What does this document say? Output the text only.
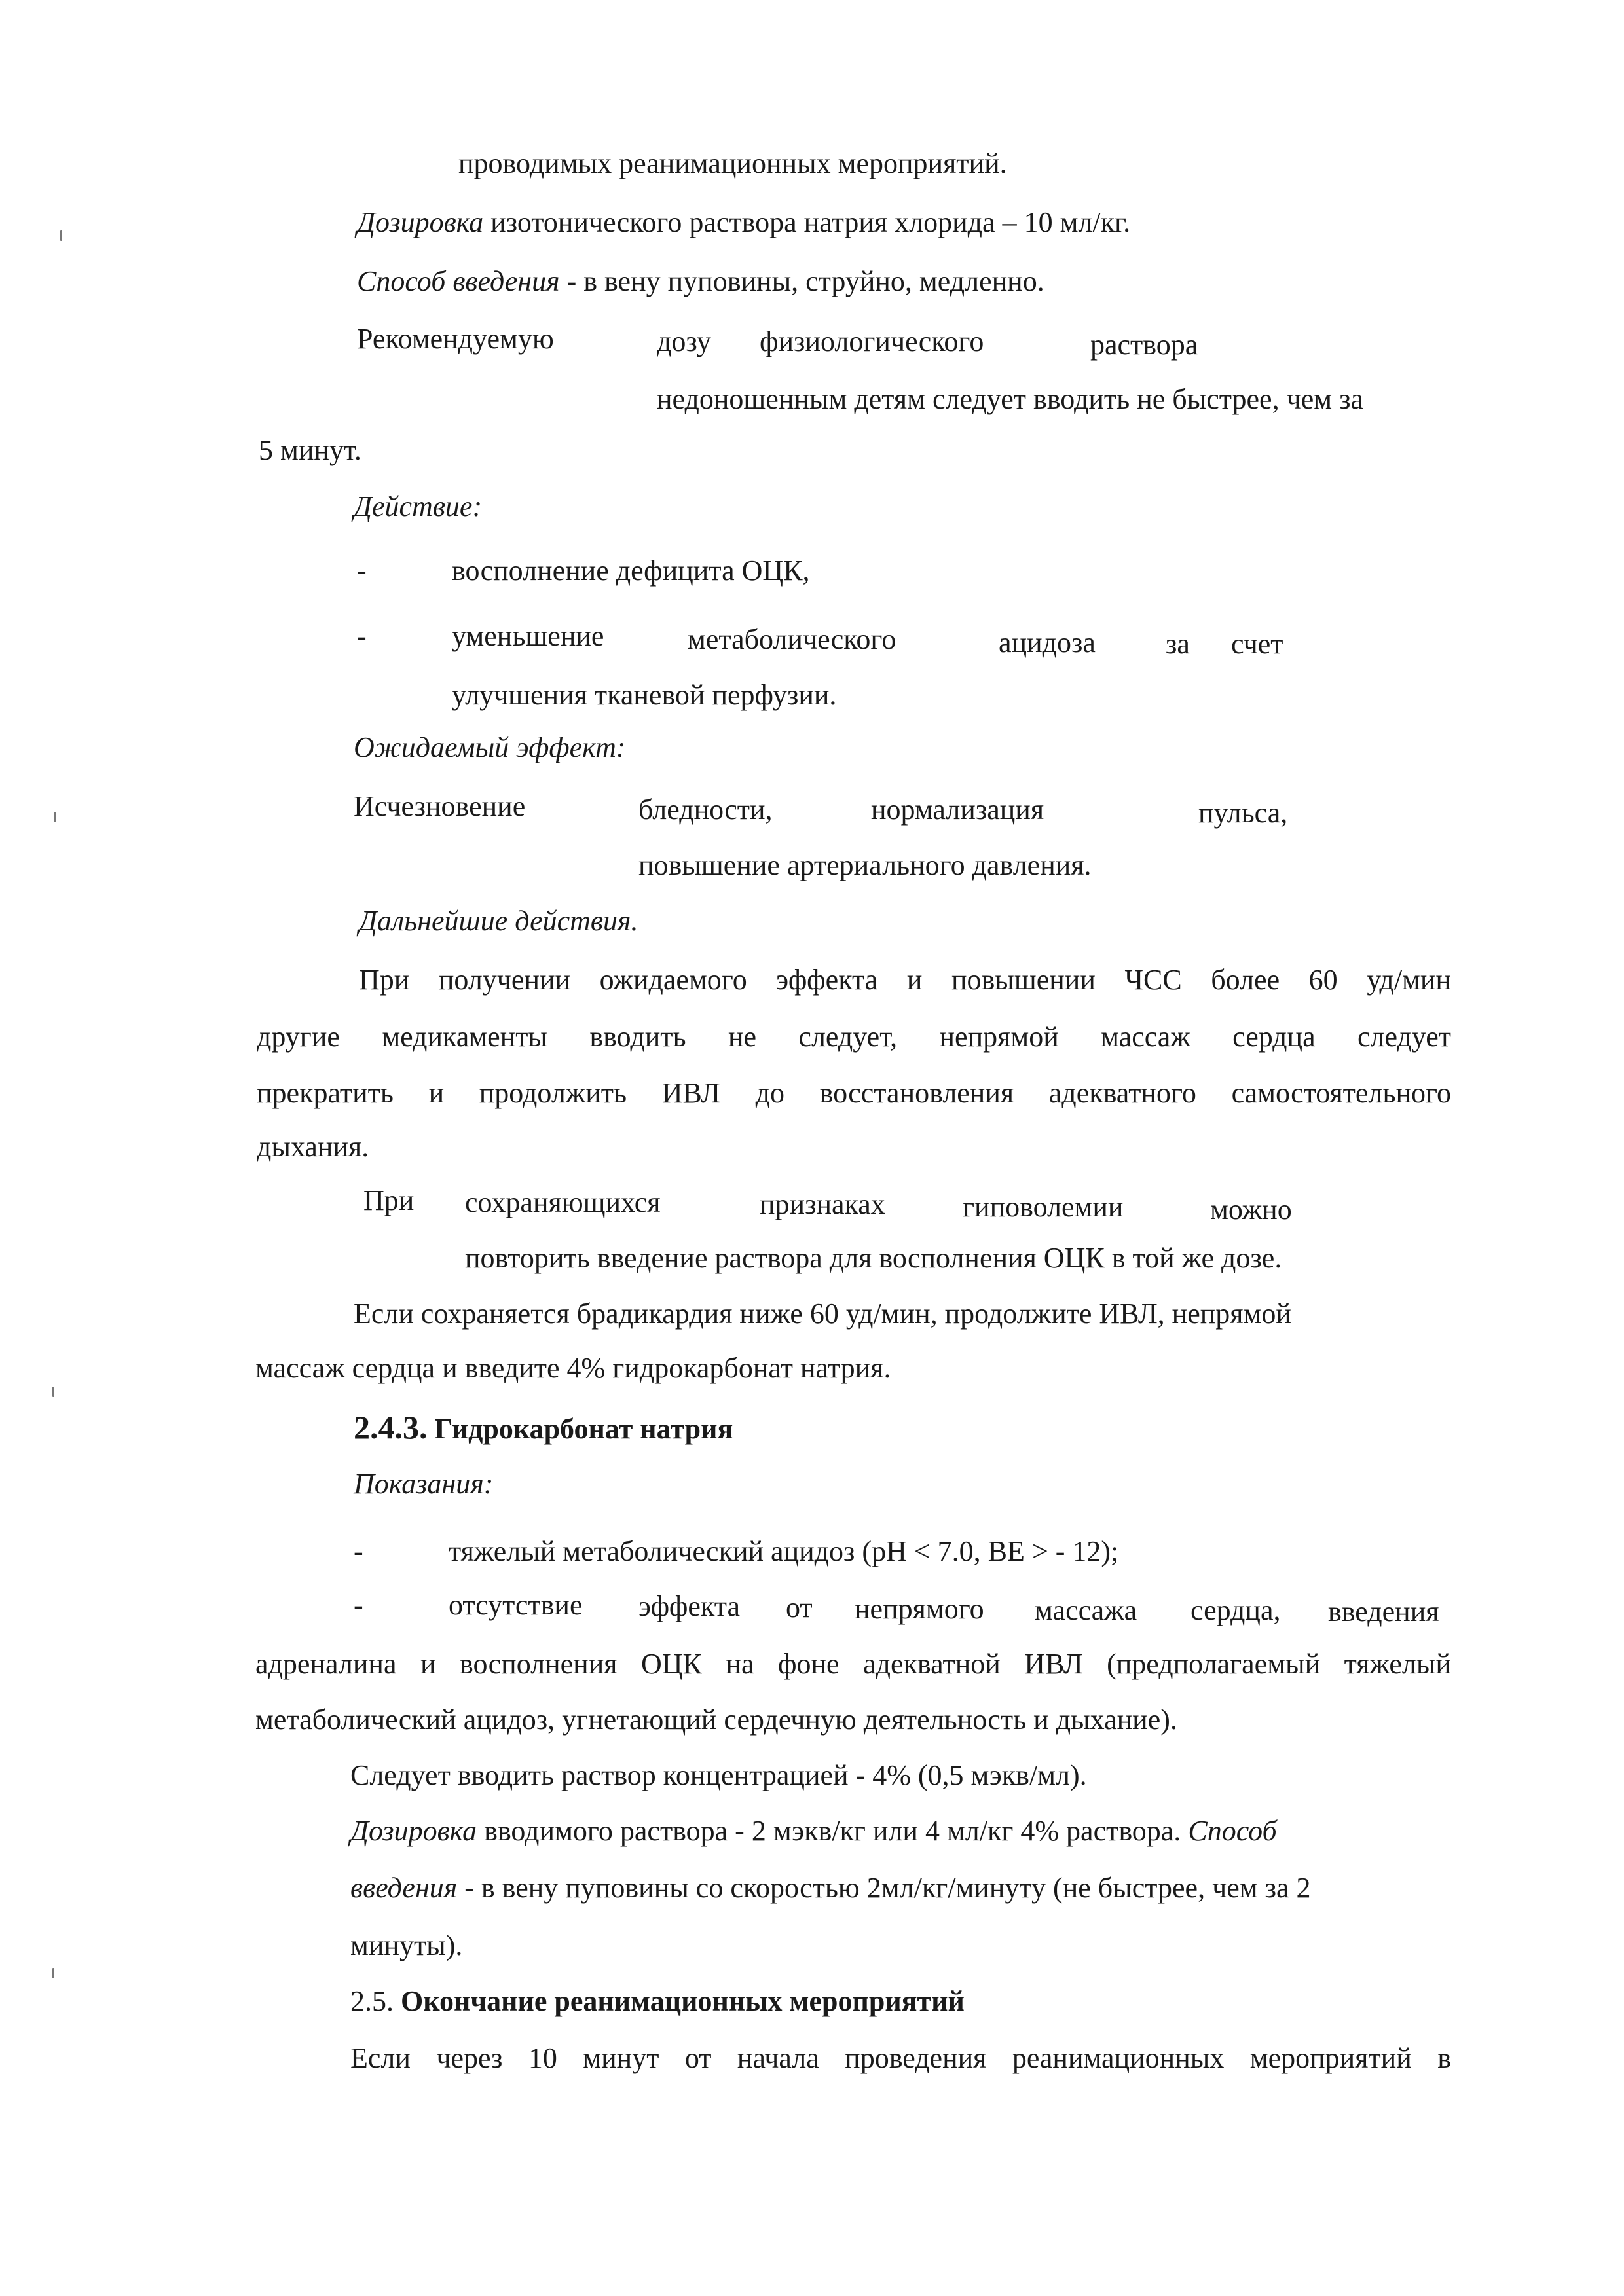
проводимых реанимационных мероприятий.
Дозировка изотонического раствора натрия хлорида – 10 мл/кг.
Способ введения - в вену пуповины, струйно, медленно.
Рекомендуемую	дозу физиологического	раствора
недоношенным детям следует вводить не быстрее, чем за
5 минут.
Действие:
-	восполнение дефицита ОЦК,
-	уменьшение	метаболического	ацидоза за счет
улучшения тканевой перфузии.
Ожидаемый эффект:
Исчезновение	бледности,	нормализация	пульса,
повышение артериального давления.
Дальнейшие действия.
При получении ожидаемого эффекта и повышении ЧСС более 60 уд/мин
другие медикаменты вводить не следует, непрямой массаж сердца следует
прекратить и продолжить ИВЛ до восстановления адекватного самостоятельного
дыхания.
При сохраняющихся	признаках	гиповолемии	можно
повторить введение раствора для восполнения ОЦК в той же дозе.
Если сохраняется брадикардия ниже 60 уд/мин, продолжите ИВЛ, непрямой
массаж сердца и введите 4% гидрокарбонат натрия.
2.4.3. Гидрокарбонат натрия
Показания:
-	тяжелый метаболический ацидоз (pH < 7.0, BE > - 12);
-	отсутствие эффекта от непрямого массажа сердца, введения
адреналина и восполнения ОЦК на фоне адекватной ИВЛ (предполагаемый тяжелый
метаболический ацидоз, угнетающий сердечную деятельность и дыхание).
Следует вводить раствор концентрацией - 4% (0,5 мэкв/мл).
Дозировка вводимого раствора - 2 мэкв/кг или 4 мл/кг 4% раствора. Способ
введения - в вену пуповины со скоростью 2мл/кг/минуту (не быстрее, чем за 2
минуты).
2.5. Окончание реанимационных мероприятий
Если через 10 минут от начала проведения реанимационных мероприятий в
